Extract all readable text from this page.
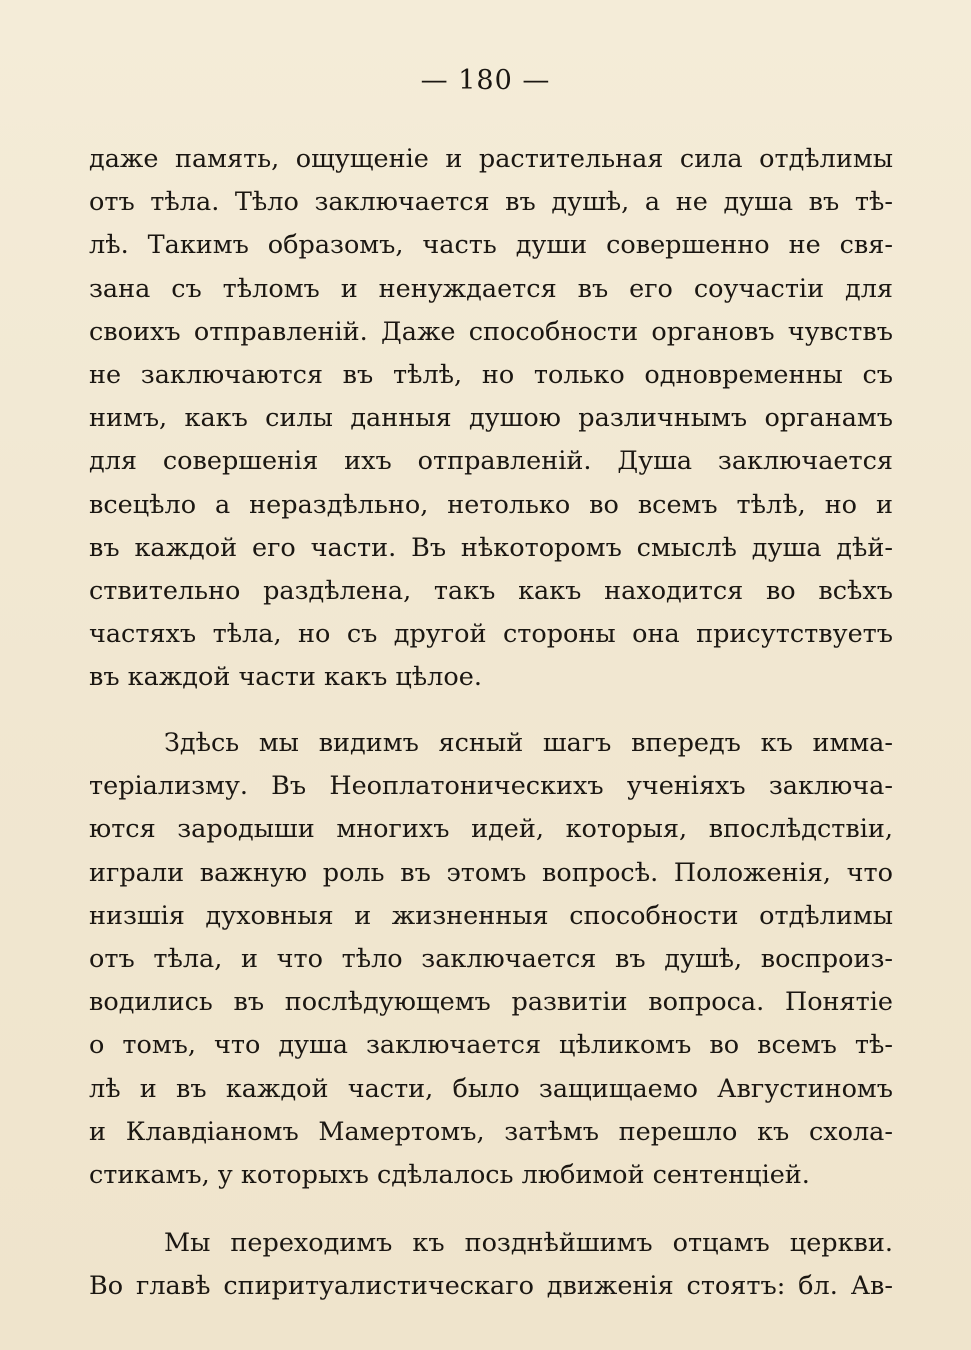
— 180 —
даже память, ощущеніе и растительная сила отдѣлимы
отъ тѣла. Тѣло заключается въ душѣ, а не душа въ тѣ-
лѣ. Такимъ образомъ, часть души совершенно не свя-
зана съ тѣломъ и ненуждается въ его соучастіи для
своихъ отправленій. Даже способности органовъ чувствъ
не заключаются въ тѣлѣ, но только одновременны съ
нимъ, какъ силы данныя душою различнымъ органамъ
для совершенія ихъ отправленій. Душа заключается
всецѣло а нераздѣльно, нетолько во всемъ тѣлѣ, но и
въ каждой его части. Въ нѣкоторомъ смыслѣ душа дѣй-
ствительно раздѣлена, такъ какъ находится во всѣхъ
частяхъ тѣла, но съ другой стороны она присутствуетъ
въ каждой части какъ цѣлое.
Здѣсь мы видимъ ясный шагъ впередъ къ имма-
теріализму. Въ Неоплатоническихъ ученіяхъ заключа-
ются зародыши многихъ идей, которыя, впослѣдствіи,
играли важную роль въ этомъ вопросѣ. Положенія, что
низшія духовныя и жизненныя способности отдѣлимы
отъ тѣла, и что тѣло заключается въ душѣ, воспроиз-
водились въ послѣдующемъ развитіи вопроса. Понятіе
о томъ, что душа заключается цѣликомъ во всемъ тѣ-
лѣ и въ каждой части, было защищаемо Августиномъ
и Клавдіаномъ Мамертомъ, затѣмъ перешло къ схола-
стикамъ, у которыхъ сдѣлалось любимой сентенціей.
Мы переходимъ къ позднѣйшимъ отцамъ церкви.
Во главѣ спиритуалистическаго движенія стоятъ: бл. Ав-
